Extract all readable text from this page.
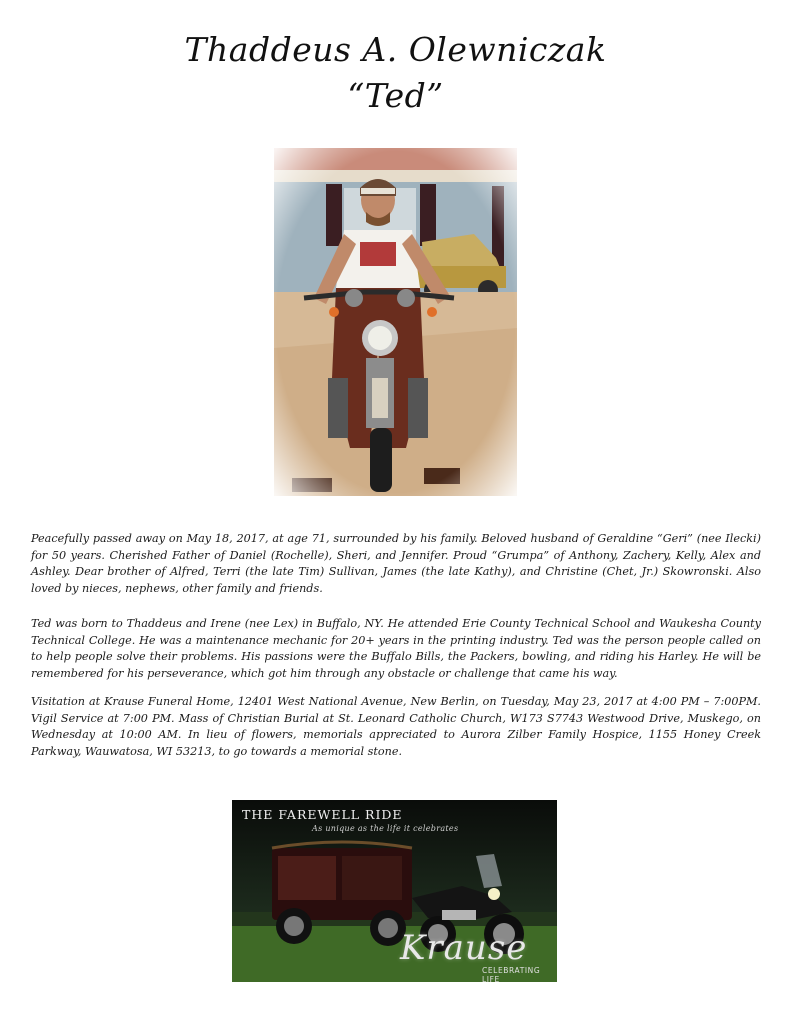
Thaddeus A. Olewniczak
“Ted”

Peacefully passed away on May 18, 2017, at age 71, surrounded by his family. Beloved husband of Geraldine “Geri” (nee Ilecki) for 50 years. Cherished Father of Daniel (Rochelle), Sheri, and Jennifer. Proud “Grumpa” of Anthony, Zachery, Kelly, Alex and Ashley. Dear brother of Alfred, Terri (the late Tim) Sullivan, James (the late Kathy), and Christine (Chet, Jr.) Skowronski. Also loved by nieces, nephews, other family and friends.

Ted was born to Thaddeus and Irene (nee Lex) in Buffalo, NY. He attended Erie County Technical School and Waukesha County Technical College. He was a maintenance mechanic for 20+ years in the printing industry. Ted was the person people called on to help people solve their problems. His passions were the Buffalo Bills, the Packers, bowling, and riding his Harley. He will be remembered for his perseverance, which got him through any obstacle or challenge that came his way.

Visitation at Krause Funeral Home, 12401 West National Avenue, New Berlin, on Tuesday, May 23, 2017 at 4:00 PM – 7:00PM. Vigil Service at 7:00 PM. Mass of Christian Burial at St. Leonard Catholic Church, W173 S7743 Westwood Drive, Muskego, on Wednesday at 10:00 AM. In lieu of flowers, memorials appreciated to Aurora Zilber Family Hospice, 1155 Honey Creek Parkway, Wauwatosa, WI 53213, to go towards a memorial stone.

THE FAREWELL RIDE
As unique as the life it celebrates
Krause
CELEBRATING LIFE
